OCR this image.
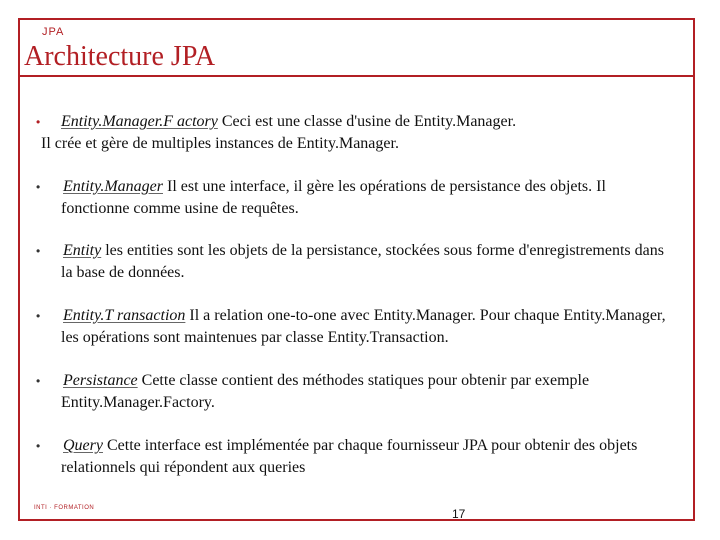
JPA
Architecture JPA
•	Entity.Manager.F actory Ceci est une classe d'usine de Entity.Manager.
Il crée et gère de multiples instances de Entity.Manager.
•	Entity.Manager Il est une interface, il gère les opérations de persistance des objets. Il fonctionne comme usine de requêtes.
•	Entity les entities sont les objets de la persistance, stockées sous forme d'enregistrements dans la base de données.
•	Entity.T ransaction Il a relation one-to-one avec Entity.Manager. Pour chaque Entity.Manager, les opérations sont maintenues par classe Entity.Transaction.
•	Persistance Cette classe contient des méthodes statiques pour obtenir par exemple Entity.Manager.Factory.
•	Query Cette interface est implémentée par chaque fournisseur JPA pour obtenir des objets relationnels qui répondent aux queries
INTI · FORMATION	17
